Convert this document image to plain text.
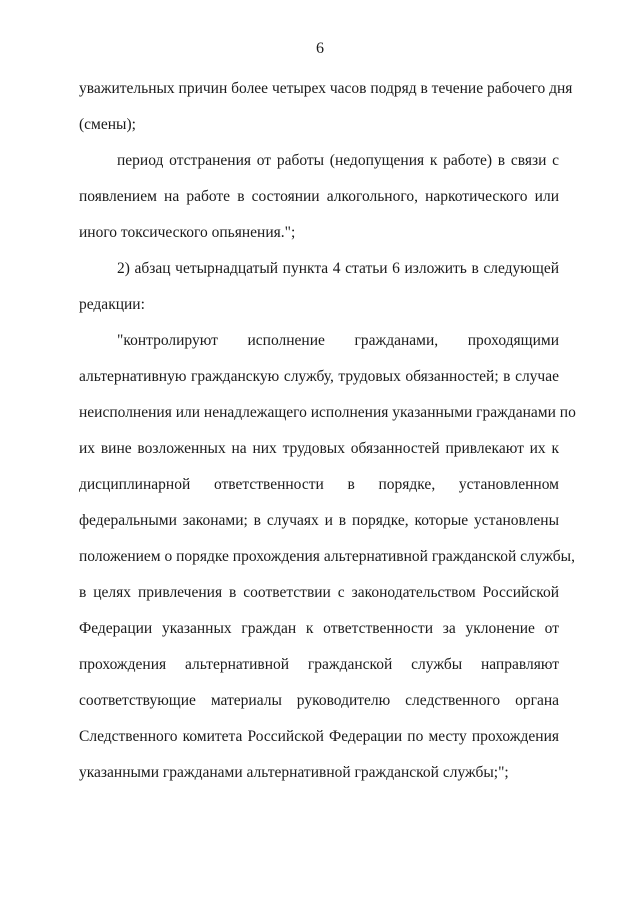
6
уважительных причин более четырех часов подряд в течение рабочего дня
(смены);
период отстранения от работы (недопущения к работе) в связи с
появлением на работе в состоянии алкогольного, наркотического или
иного токсического опьянения.";
2) абзац четырнадцатый пункта 4 статьи 6 изложить в следующей
редакции:
"контролируют исполнение гражданами, проходящими
альтернативную гражданскую службу, трудовых обязанностей; в случае
неисполнения или ненадлежащего исполнения указанными гражданами по
их вине возложенных на них трудовых обязанностей привлекают их к
дисциплинарной ответственности в порядке, установленном
федеральными законами; в случаях и в порядке, которые установлены
положением о порядке прохождения альтернативной гражданской службы,
в целях привлечения в соответствии с законодательством Российской
Федерации указанных граждан к ответственности за уклонение от
прохождения альтернативной гражданской службы направляют
соответствующие материалы руководителю следственного органа
Следственного комитета Российской Федерации по месту прохождения
указанными гражданами альтернативной гражданской службы;";
